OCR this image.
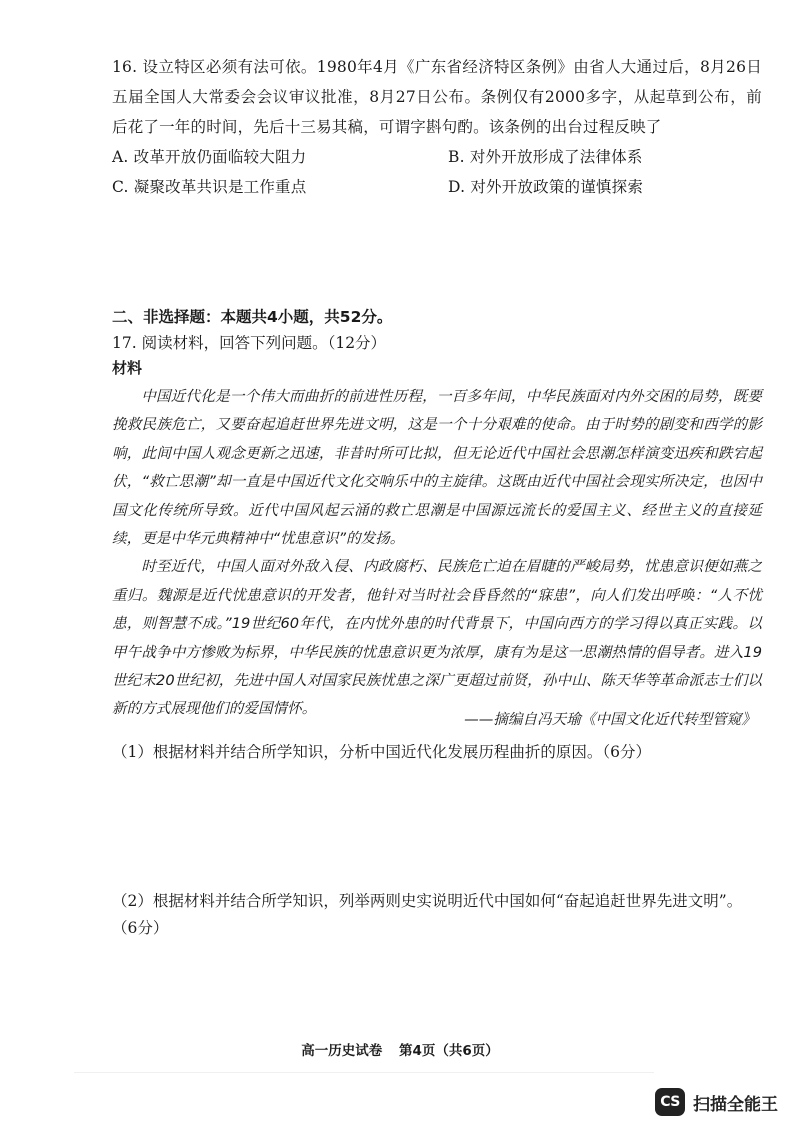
16. 设立特区必须有法可依。1980年4月《广东省经济特区条例》由省人大通过后，8月26日五届全国人大常委会会议审议批准，8月27日公布。条例仅有2000多字，从起草到公布，前后花了一年的时间，先后十三易其稿，可谓字斟句酌。该条例的出台过程反映了

A. 改革开放仍面临较大阻力	B. 对外开放形成了法律体系

C. 凝聚改革共识是工作重点	D. 对外开放政策的谨慎探索

二、非选择题：本题共4小题，共52分。
17. 阅读材料，回答下列问题。（12分）
材料

中国近代化是一个伟大而曲折的前进性历程，一百多年间，中华民族面对内外交困的局势，既要挽救民族危亡，又要奋起追赶世界先进文明，这是一个十分艰难的使命。由于时势的剧变和西学的影响，此间中国人观念更新之迅速，非昔时所可比拟，但无论近代中国社会思潮怎样演变迅疾和跌宕起伏，“救亡思潮”却一直是中国近代文化交响乐中的主旋律。这既由近代中国社会现实所决定，也因中国文化传统所导致。近代中国风起云涌的救亡思潮是中国源远流长的爱国主义、经世主义的直接延续，更是中华元典精神中“忧患意识”的发扬。

时至近代，中国人面对外敌入侵、内政腐朽、民族危亡迫在眉睫的严峻局势，忧患意识便如燕之重归。魏源是近代忧患意识的开发者，他针对当时社会昏昏然的“寐患”，向人们发出呼唤：“人不忧患，则智慧不成。”19世纪60年代，在内忧外患的时代背景下，中国向西方的学习得以真正实践。以甲午战争中方惨败为标界，中华民族的忧患意识更为浓厚，康有为是这一思潮热情的倡导者。进入19世纪末20世纪初，先进中国人对国家民族忧患之深广更超过前贤，孙中山、陈天华等革命派志士们以新的方式展现他们的爱国情怀。

——摘编自冯天瑜《中国文化近代转型管窥》
（1）根据材料并结合所学知识，分析中国近代化发展历程曲折的原因。（6分）

（2）根据材料并结合所学知识，列举两则史实说明近代中国如何“奋起追赶世界先进文明”。

（6分）

高一历史试卷 第4页（共6页）
CS 扫描全能王
